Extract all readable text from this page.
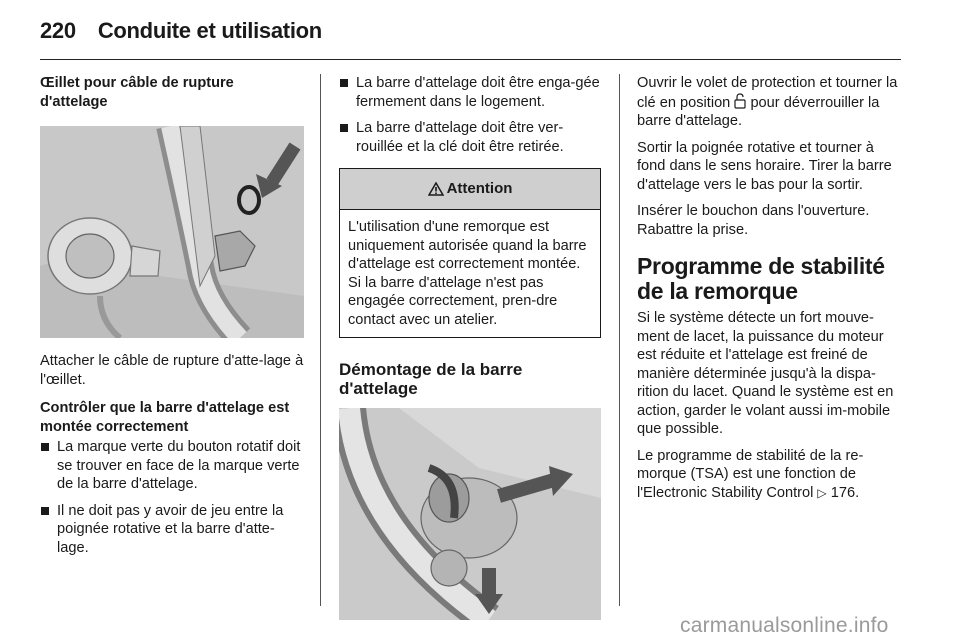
220 Conduite et utilisation

Œillet pour câble de rupture d'attelage

Attacher le câble de rupture d'atte-lage à l'œillet.

Contrôler que la barre d'attelage est montée correctement

La marque verte du bouton rotatif doit se trouver en face de la marque verte de la barre d'attelage.
Il ne doit pas y avoir de jeu entre la poignée rotative et la barre d'atte-lage.
La barre d'attelage doit être enga-gée fermement dans le logement.
La barre d'attelage doit être ver-rouillée et la clé doit être retirée.
Attention
L'utilisation d'une remorque est uniquement autorisée quand la barre d'attelage est correctement montée. Si la barre d'attelage n'est pas engagée correctement, pren-dre contact avec un atelier.

Démontage de la barre d'attelage

Ouvrir le volet de protection et tourner la clé en position pour déverrouiller la barre d'attelage.

Sortir la poignée rotative et tourner à fond dans le sens horaire. Tirer la barre d'attelage vers le bas pour la sortir.

Insérer le bouchon dans l'ouverture. Rabattre la prise.

Programme de stabilité de la remorque

Si le système détecte un fort mouve-ment de lacet, la puissance du moteur est réduite et l'attelage est freiné de manière déterminée jusqu'à la dispa-rition du lacet. Quand le système est en action, garder le volant aussi im-mobile que possible.

Le programme de stabilité de la re-morque (TSA) est une fonction de l'Electronic Stability Control ▷ 176.

carmanualsonline.info
